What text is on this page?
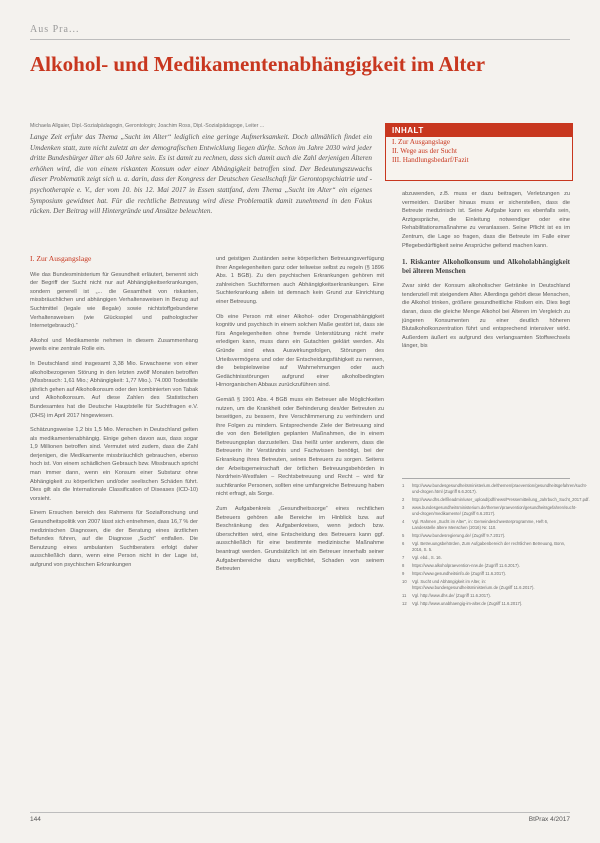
Aus Pra...
Alkohol- und Medikamentenabhängigkeit im Alter
Michaela Allgaier, Dipl.-Sozialpädagogin, Gerontologin; Joachim Ross, Dipl.-Sozialpädagoge, Leiter ...
Lange Zeit erfuhr das Thema „Sucht im Alter“ lediglich eine geringe Aufmerksamkeit. Doch allmählich findet ein Umdenken statt, zum nicht zuletzt an der demografischen Entwicklung liegen dürfte. Schon im Jahre 2030 wird jeder dritte Bundesbürger älter als 60 Jahre sein. Es ist damit zu rechnen, dass sich damit auch die Zahl derjenigen Älteren erhöhen wird, die von einem riskanten Konsum oder einer Abhängigkeit betroffen sind. Der Bedeutungszuwachs dieser Problematik zeigt sich u. a. darin, dass der Kongress der Deutschen Gesellschaft für Gerontopsychiatrie und -psychotherapie e. V., der vom 10. bis 12. Mai 2017 in Essen stattfand, dem Thema „Sucht im Alter“ ein eigenes Symposium gewidmet hat. Für die rechtliche Betreuung wird diese Problematik damit zunehmend in den Fokus rücken. Der Beitrag will Hintergründe und Ansätze beleuchten.
INHALT
I. Zur Ausgangslage
II. Wege aus der Sucht
III. Handlungsbedarf/Fazit
I. Zur Ausgangslage

Wie das Bundesministerium für Gesundheit erläutert, benennt sich der Begriff der Sucht nicht nur auf Abhängigkeitserkrankungen, sondern generell ist „... die Gesamtheit von riskanten, missbräuchlichen und abhängigen Verhaltensweisen in Bezug auf Suchtmittel (legale wie illegale) sowie nichtstoffgebundene Verhaltensweisen (wie Glücksspiel und pathologischer Internetgebrauch).“

Alkohol und Medikamente nehmen in diesem Zusammenhang jeweils eine zentrale Rolle ein.

In Deutschland sind insgesamt 3,38 Mio. Erwachsene von einer alkoholbezogenen Störung in den letzten zwölf Monaten betroffen (Missbrauch: 1,61 Mio.; Abhängigkeit: 1,77 Mio.). 74.000 Todesfälle jährlich gehen auf Alkoholkonsum oder den kombinierten von Tabak und Alkoholkonsum. Auf diese Zahlen des Statistischen Bundesamtes hat die Deutsche Hauptstelle für Suchtfragen e.V. (DHS) im April 2017 hingewiesen.

Schätzungsweise 1,2 bis 1,5 Mio. Menschen in Deutschland gelten als medikamentenabhängig. Einige gehen davon aus, dass sogar 1,9 Millionen betroffen sind. Vermutet wird zudem, dass die Zahl derjenigen, die Medikamente missbräuchlich gebrauchen, ebenso hoch ist. Von einem schädlichen Gebrauch bzw. Missbrauch spricht man immer dann, wenn ein Konsum einer Substanz ohne Abhängigkeit zu körperlichen und/oder seelischen Schäden führt. Dies gilt als die Internationale Classification of Diseases (ICD-10) vorsieht.

Einem Ersuchen bereich des Rahmens für Sozialforschung und Gesundheitspolitik von 2007 lässt sich entnehmen, dass 16,7 % der medizinischen Diagnosen, die der Beratung eines ärztlichen Befundes führen, auf die Diagnose „Sucht“ entfallen. Die Benutzung eines ambulanten Suchtberaters erfolgt daher ausschließlich dann, wenn eine Person nicht in der Lage ist, aufgrund von psychischen Erkrankungen

und geistigen Zuständen seine körperlichen Betreuungsverfügung ihrer Angelegenheiten ganz oder teilweise selbst zu regeln (§ 1896 Abs. 1 BGB). Zu den psychischen Erkrankungen gehören mit zahlreichen Suchtformen auch Abhängigkeitserkrankungen. Eine Suchterkrankung allein ist demnach kein Grund zur Einrichtung einer Betreuung.

Ob eine Person mit einer Alkohol- oder Drogenabhängigkeit kognitiv und psychisch in einem solchen Maße gestört ist, dass sie fürs Angelegenheiten ohne fremde Unterstützung nicht mehr erledigen kann, muss dann ein Gutachten geklärt werden. Als Gründe sind etwa Auswirkungsfolgen, Störungen des Urteilsvermögens und oder der Entscheidungsfähigkeit zu nennen, die beispielsweise auf Wahrnehmungen oder auch Gedächtnisstörungen aufgrund einer alkoholbedingten Hirnorganischen Abbaus zurückzuführen sind.

Gemäß § 1901 Abs. 4 BGB muss ein Betreuer alle Möglichkeiten nutzen, um die Krankheit oder Behinderung des/der Betreuten zu beseitigen, zu bessern, ihre Verschlimmerung zu verhindern und ihre Folgen zu mindern. Entsprechende Ziele der Betreuung sind die von den Beteiligten geplanten Maßnahmen, die in einem Betreuungsplan darzustellen. Das heißt unter anderem, dass die Betreuerin ihr Verständnis und Fachwissen benötigt, bei der Erkrankung ihres Betreuten, seines Betreuers zu sorgen. Seitens der Arbeitsgemeinschaft der örtlichen Betreuungsbehörden in Nordrhein-Westfalen – Rechtsbetreuung und Recht – wird für suchtkranke Personen, sollten eine umfangreiche Betreuung haben nicht erfragt, als Sorge.

Zum Aufgabenkreis „Gesundheitssorge“ eines rechtlichen Betreuers gehören alle Bereiche im Hinblick bzw. auf Beschränkung des Aufgabenkreises, wenn jedoch bzw. überschritten wird, eine Entscheidung des Betreuers kann ggf. ausschließlich für eine bestimmte medizinische Maßnahme beantragt werden. Grundsätzlich ist ein Betreuer innerhalb seiner Aufgabenbereiche dazu verpflichtet, Schaden von seinem Betreuten

abzuwenden, z.B. muss er dazu beitragen, Verletzungen zu vermeiden. Darüber hinaus muss er sicherstellen, dass die Betreute medizinisch ist. Seine Aufgabe kann es ebenfalls sein, Arztgespräche, die Einleitung notwendiger oder eine Rehabilitationsmaßnahme zu veranlassen. Seine Pflicht ist es im Zentrum, die Lage so fragen, dass die Betreute im Falle einer Pflegebedürftigkeit seine Ansprüche geltend machen kann.

1. Riskanter Alkoholkonsum und Alkoholabhängigkeit bei älteren Menschen

Zwar sinkt der Konsum alkoholischer Getränke in Deutschland tendenziell mit steigendem Alter. Allerdings gehört diese Menschen, die Alkohol trinken, größere gesundheitliche Risiken ein. Dies liegt daran, dass die gleiche Menge Alkohol bei Älteren im Vergleich zu jüngeren Konsumenten zu einer deutlich höheren Blutalkoholkonzentration führt und entsprechend intensiver wirkt. Außerdem äußert es aufgrund des verlangsamten Stoffwechsels länger, bis

1	http://www.bundesgesundheitsministerium.de/themen/praevention/gesundheitsgefahren/sucht-und-drogen.html (Zugriff 6.6.2017).
2	http://www.dhs.de/fileadmin/user_upload/pdf/news/Pressemitteilung_Jahrbuch_Sucht_2017.pdf.
3	www.bundesgesundheitsministerium.de/themen/praevention/gesundheitsgefahren/sucht-und-drogen/medikamente/ (Zugriff 6.6.2017).
4	Vgl. Rahmen „Sucht im Alter“, in: Gemeindeschwesterprogramme, Heft 6, Landesstelle ältere Menschen (2016) Nr. 110.
5	http://www.bundesregierung.de/ (Zugriff 9.7.2017).
6	Vgl. Betreuungsbehörden, Zum Aufgabenbereich der rechtlichen Betreuung, Bonn, 2016, S. 5.
7	Vgl. ebd., S. 16.
8	https://www.alkoholpraevention-nrw.de (Zugriff 11.6.2017).
9	https://www.gesundheitsinfo.de (Zugriff 11.6.2017).
10	Vgl. Sucht und Abhängigkeit im Alter, in: https://www.bundesgesundheitsministerium.de (Zugriff 11.6.2017).
11	Vgl. http://www.dhs.de/ (Zugriff 11.6.2017).
12	Vgl. http://www.unabhaengig-im-alter.de (Zugriff 11.6.2017).
144	BtPrax 4/2017
